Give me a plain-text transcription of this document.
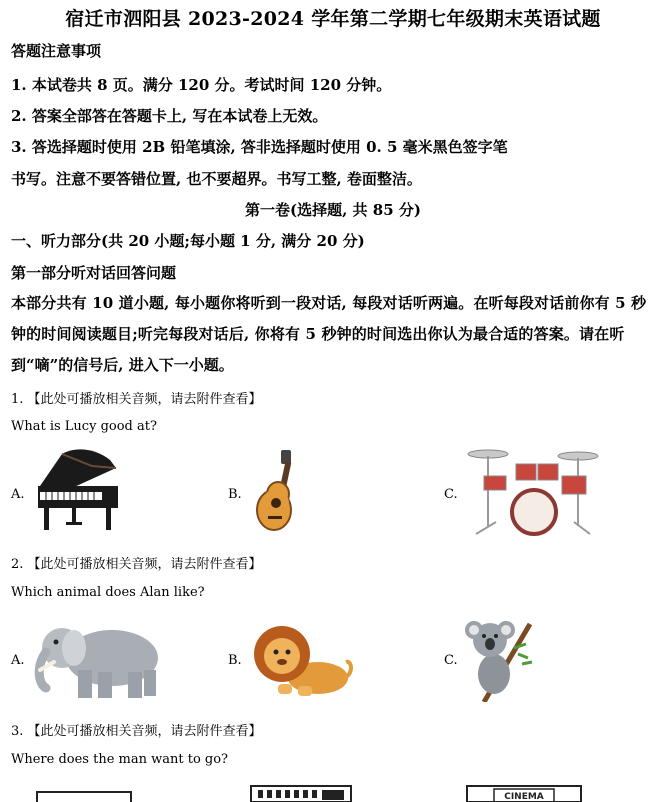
宿迁市泗阳县 2023-2024 学年第二学期七年级期末英语试题
答题注意事项
1. 本试卷共 8 页。满分 120 分。考试时间 120 分钟。
2. 答案全部答在答题卡上, 写在本试卷上无效。
3. 答选择题时使用 2B 铅笔填涂, 答非选择题时使用 0. 5 毫米黑色签字笔
书写。注意不要答错位置, 也不要超界。书写工整, 卷面整洁。
第一卷(选择题, 共 85 分)
一、听力部分(共 20 小题;每小题 1 分, 满分 20 分)
第一部分听对话回答问题
本部分共有 10 道小题, 每小题你将听到一段对话, 每段对话听两遍。在听每段对话前你有 5 秒
钟的时间阅读题目;听完每段对话后, 你将有 5 秒钟的时间选出你认为最合适的答案。请在听
到“嘀”的信号后, 进入下一小题。
1. 【此处可播放相关音频，请去附件查看】
What is Lucy good at?
A.	B.	C.
2. 【此处可播放相关音频，请去附件查看】
Which animal does Alan like?
A.	B.	C.
3. 【此处可播放相关音频，请去附件查看】
Where does the man want to go?
CINEMA
